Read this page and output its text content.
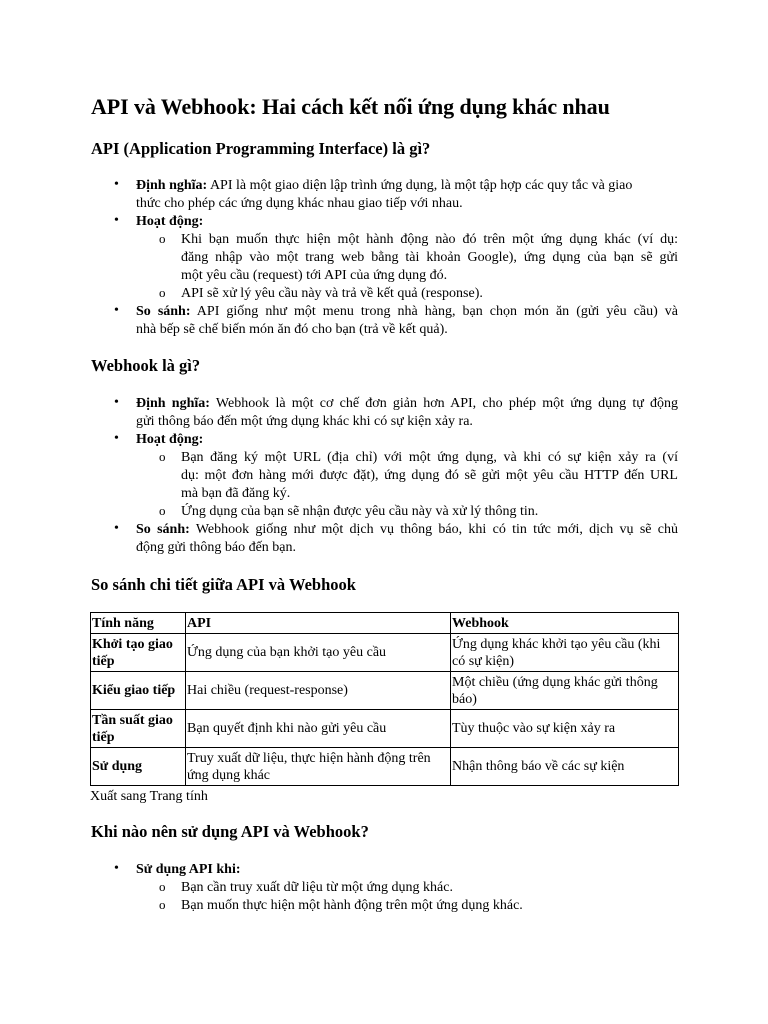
API và Webhook: Hai cách kết nối ứng dụng khác nhau
API (Application Programming Interface) là gì?
• Định nghĩa: API là một giao diện lập trình ứng dụng, là một tập hợp các quy tắc và giao
thức cho phép các ứng dụng khác nhau giao tiếp với nhau.
• Hoạt động:
o Khi bạn muốn thực hiện một hành động nào đó trên một ứng dụng khác (ví dụ:
đăng nhập vào một trang web bằng tài khoản Google), ứng dụng của bạn sẽ gửi
một yêu cầu (request) tới API của ứng dụng đó.
o API sẽ xử lý yêu cầu này và trả về kết quả (response).
• So sánh: API giống như một menu trong nhà hàng, bạn chọn món ăn (gửi yêu cầu) và
nhà bếp sẽ chế biến món ăn đó cho bạn (trả về kết quả).
Webhook là gì?
• Định nghĩa: Webhook là một cơ chế đơn giản hơn API, cho phép một ứng dụng tự động
gửi thông báo đến một ứng dụng khác khi có sự kiện xảy ra.
• Hoạt động:
o Bạn đăng ký một URL (địa chỉ) với một ứng dụng, và khi có sự kiện xảy ra (ví
dụ: một đơn hàng mới được đặt), ứng dụng đó sẽ gửi một yêu cầu HTTP đến URL
mà bạn đã đăng ký.
o Ứng dụng của bạn sẽ nhận được yêu cầu này và xử lý thông tin.
• So sánh: Webhook giống như một dịch vụ thông báo, khi có tin tức mới, dịch vụ sẽ chủ
động gửi thông báo đến bạn.
So sánh chi tiết giữa API và Webhook
Tính năng	API	Webhook
Khởi tạo giao tiếp	Ứng dụng của bạn khởi tạo yêu cầu	Ứng dụng khác khởi tạo yêu cầu (khi có sự kiện)
Kiểu giao tiếp	Hai chiều (request-response)	Một chiều (ứng dụng khác gửi thông báo)
Tần suất giao tiếp	Bạn quyết định khi nào gửi yêu cầu	Tùy thuộc vào sự kiện xảy ra
Sử dụng	Truy xuất dữ liệu, thực hiện hành động trên ứng dụng khác	Nhận thông báo về các sự kiện
Xuất sang Trang tính
Khi nào nên sử dụng API và Webhook?
• Sử dụng API khi:
o Bạn cần truy xuất dữ liệu từ một ứng dụng khác.
o Bạn muốn thực hiện một hành động trên một ứng dụng khác.
